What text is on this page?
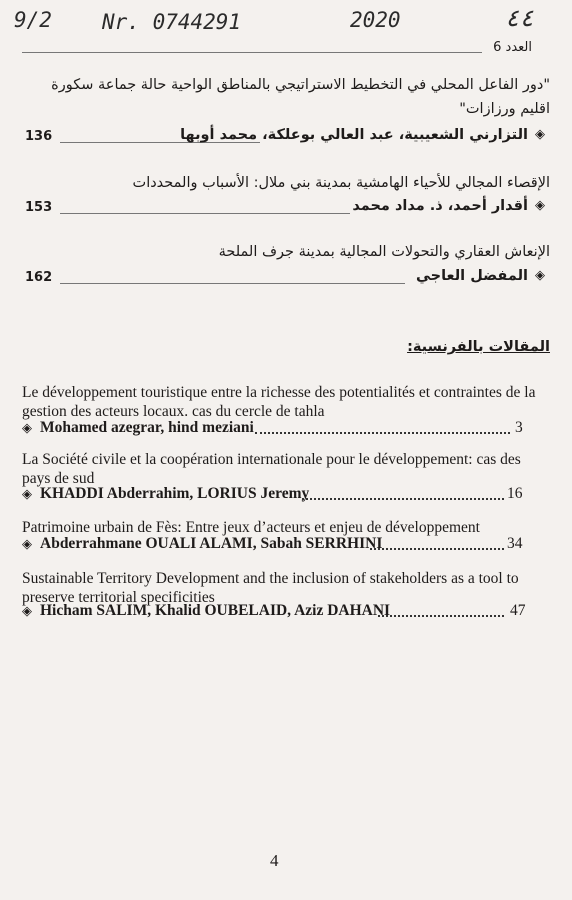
9/2 Nr. 0744291	2020	٤٤
العدد 6
"دور الفاعل المحلي في التخطيط الاستراتيجي بالمناطق الواحية حالة جماعة سكورة اقليم ورزازات"
136	التزارني الشعيبية، عبد العالي بوعلكة، محمد أوبها ◈
الإقصاء المجالي للأحياء الهامشية بمدينة بني ملال: الأسباب والمحددات
153	أقدار أحمد، ذ. مداد محمد ◈
الإنعاش العقاري والتحولات المجالية بمدينة جرف الملحة
162	المفضل العاجي ◈
المقالات بالفرنسية:
Le développement touristique entre la richesse des potentialités et contraintes de la gestion des acteurs locaux. cas du cercle de tahla
◈ Mohamed azegrar, hind meziani	3
La Société civile et la coopération internationale pour le développement: cas des pays de sud
◈ KHADDI Abderrahim, LORIUS Jeremy	16
Patrimoine urbain de Fès: Entre jeux d’acteurs et enjeu de développement
◈ Abderrahmane OUALI ALAMI, Sabah SERRHINI	34
Sustainable Territory Development and the inclusion of stakeholders as a tool to preserve territorial specificities
◈ Hicham SALIM, Khalid OUBELAID, Aziz DAHANI	47
4
